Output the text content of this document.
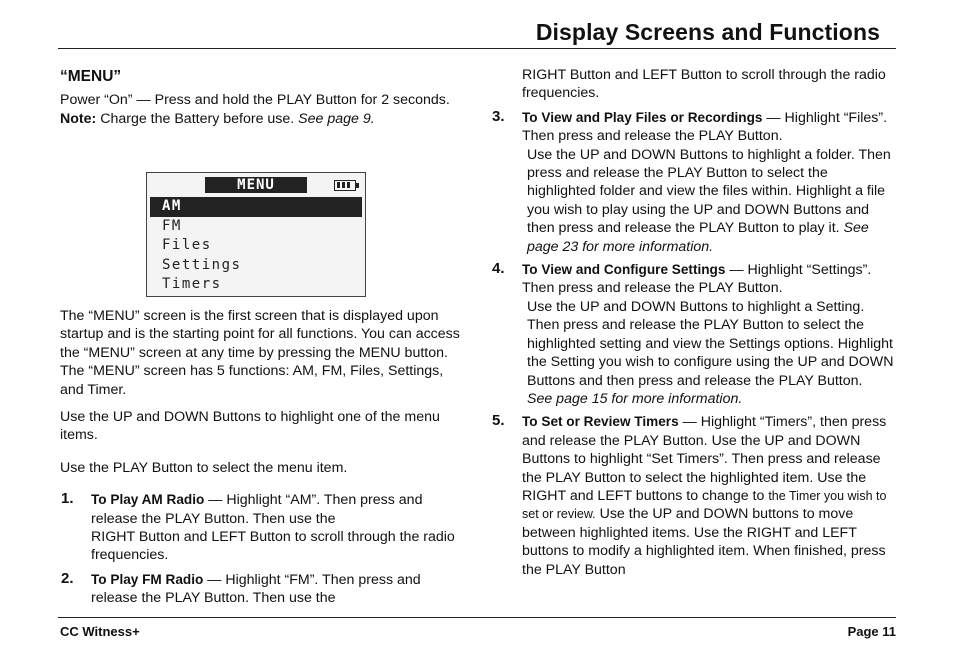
Display Screens and Functions
“MENU”

Power “On” — Press and hold the PLAY Button for 2 seconds.

Note: Charge the Battery before use. See page 9.

MENU
AM
FM
Files
Settings
Timers

The “MENU” screen is the first screen that is displayed upon startup and is the starting point for all functions. You can access the “MENU” screen at any time by pressing the MENU button. The “MENU” screen has 5 functions: AM, FM, Files, Settings, and Timer.

Use the UP and DOWN Buttons to highlight one of the menu items.

Use the PLAY Button to select the menu item.

1. To Play AM Radio — Highlight “AM”. Then press and release the PLAY Button. Then use the
RIGHT Button and LEFT Button to scroll through the radio frequencies.
2. To Play FM Radio — Highlight “FM”. Then press and release the PLAY Button. Then use the

RIGHT Button and LEFT Button to scroll through the radio frequencies.

3. To View and Play Files or Recordings — Highlight “Files”. Then press and release the PLAY Button.
Use the UP and DOWN Buttons to highlight a folder. Then press and release the PLAY Button to select the highlighted folder and view the files within. Highlight a file you wish to play using the UP and DOWN Buttons and then press and release the PLAY Button to play it. See page 23 for more information.
4. To View and Configure Settings — Highlight “Settings”. Then press and release the PLAY Button.
Use the UP and DOWN Buttons to highlight a Setting. Then press and release the PLAY Button to select the highlighted setting and view the Settings options. Highlight the Setting you wish to configure using the UP and DOWN Buttons and then press and release the PLAY Button.
See page 15 for more information.
5. To Set or Review Timers — Highlight “Timers”, then press and release the PLAY Button. Use the UP and DOWN Buttons to highlight “Set Timers”. Then press and release the PLAY Button to select the highlighted item. Use the RIGHT and LEFT buttons to change to the Timer you wish to set or review. Use the UP and DOWN buttons to move between highlighted items. Use the RIGHT and LEFT buttons to modify a highlighted item. When finished, press the PLAY Button
CC Witness+	Page 11
